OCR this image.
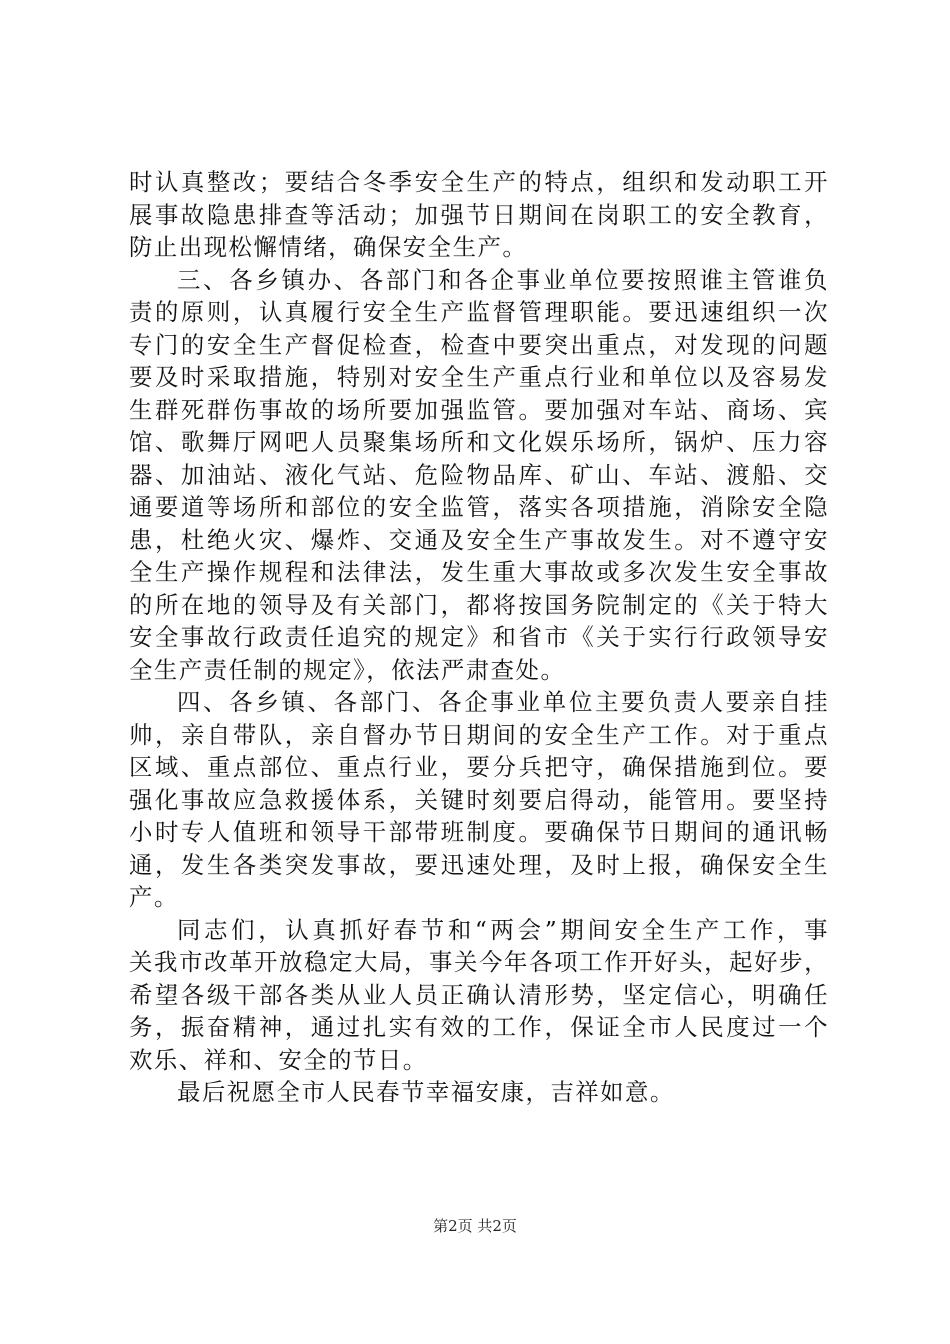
时认真整改；要结合冬季安全生产的特点，组织和发动职工开
展事故隐患排查等活动；加强节日期间在岗职工的安全教育，
防止出现松懈情绪，确保安全生产。
三、各乡镇办、各部门和各企事业单位要按照谁主管谁负
责的原则，认真履行安全生产监督管理职能。要迅速组织一次
专门的安全生产督促检查，检查中要突出重点，对发现的问题
要及时采取措施，特别对安全生产重点行业和单位以及容易发
生群死群伤事故的场所要加强监管。要加强对车站、商场、宾
馆、歌舞厅网吧人员聚集场所和文化娱乐场所，锅炉、压力容
器、加油站、液化气站、危险物品库、矿山、车站、渡船、交
通要道等场所和部位的安全监管，落实各项措施，消除安全隐
患，杜绝火灾、爆炸、交通及安全生产事故发生。对不遵守安
全生产操作规程和法律法，发生重大事故或多次发生安全事故
的所在地的领导及有关部门，都将按国务院制定的《关于特大
安全事故行政责任追究的规定》和省市《关于实行行政领导安
全生产责任制的规定》，依法严肃查处。
四、各乡镇、各部门、各企事业单位主要负责人要亲自挂
帅，亲自带队，亲自督办节日期间的安全生产工作。对于重点
区域、重点部位、重点行业，要分兵把守，确保措施到位。要
强化事故应急救援体系，关键时刻要启得动，能管用。要坚持
小时专人值班和领导干部带班制度。要确保节日期间的通讯畅
通，发生各类突发事故，要迅速处理，及时上报，确保安全生
产。
同志们，认真抓好春节和“两会”期间安全生产工作，事
关我市改革开放稳定大局，事关今年各项工作开好头，起好步，
希望各级干部各类从业人员正确认清形势，坚定信心，明确任
务，振奋精神，通过扎实有效的工作，保证全市人民度过一个
欢乐、祥和、安全的节日。
最后祝愿全市人民春节幸福安康，吉祥如意。
第2页 共2页
